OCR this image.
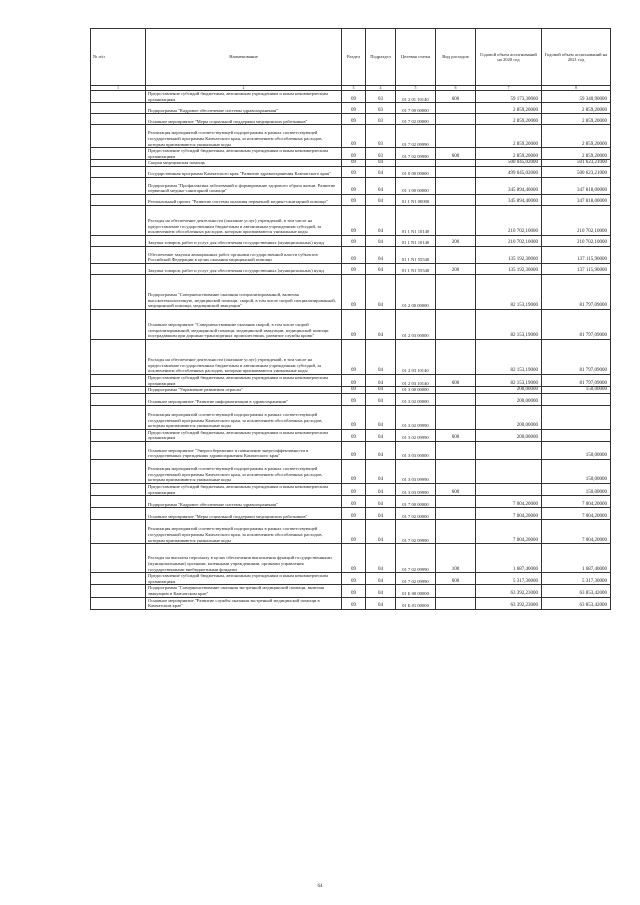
№ п/п	Наименование	Раздел	Подраздел	Целевая статья	Вид расходов	Годовой объем ассигнований на 2020 год	Годовой объем ассигнований на 2021 год
1	2	3	4	5	6	7	8
	Предоставление субсидий бюджетным, автономным учреждениям и иным некоммерческим организациям	09	03	01 2 01 10140	600	59 173,30000	59 340,90000
	Подпрограмма "Кадровое обеспечение системы здравоохранения"	09	03	01 7 00 00000		2 859,20000	2 859,20000
	Основное мероприятие "Меры социальной поддержки медицинских работников"	09	03	01 7 02 00000		2 859,20000	2 859,20000
	Реализация мероприятий соответствующей подпрограммы в рамках соответствующей государственной программы Камчатского края, за исключением обособленных расходов, которым присваиваются уникальные коды	09	03	01 7 02 09990		2 859,20000	2 859,20000
	Предоставление субсидий бюджетным, автономным учреждениям и иным некоммерческим организациям	09	03	01 7 02 09990	600	2 859,20000	2 859,20000
	Скорая медицинская помощь	09	04			500 045,02000	501 623,21000
	Государственная программа Камчатского края "Развитие здравоохранения Камчатского края"	09	04	01 0 00 00000		499 045,02000	500 623,21000
	Подпрограмма "Профилактика заболеваний и формирование здорового образа жизни. Развитие первичной медико-санитарной помощи"	09	04	01 1 00 00000		345 894,40000	347 818,00000
	Региональный проект "Развитие системы оказания первичной медико-санитарной помощи"	09	04	01 1 N1 00000		345 894,40000	347 818,00000
	Расходы на обеспечение деятельности (оказание услуг) учреждений, в том числе на предоставление государственным бюджетным и автономным учреждениям субсидий, за исключением обособленных расходов, которым присваиваются уникальные коды	09	04	01 1 N1 10140		210 702,10000	210 702,10000
	Закупка товаров, работ и услуг для обеспечения государственных (муниципальных) нужд	09	04	01 1 N1 10140	200	210 702,10000	210 702,10000
	Обеспечение закупки авиационных работ органами государственной власти субъектов Российской Федерации в целях оказания медицинской помощи	09	04	01 1 N1 55540		135 192,30000	137 115,90000
	Закупка товаров, работ и услуг для обеспечения государственных (муниципальных) нужд	09	04	01 1 N1 55540	200	135 192,30000	137 115,90000
	Подпрограмма "Совершенствование оказания специализированной, включая высокотехнологичную, медицинской помощи, скорой, в том числе скорой специализированной, медицинской помощи, медицинской эвакуации"	09	04	01 2 00 00000		82 153,19000	81 797,09000
	Основное мероприятие "Совершенствование оказания скорой, в том числе скорой специализированной, медицинской помощи, медицинской эвакуации, медицинской помощи пострадавшим при дорожно-транспортных происшествиях, развитие службы крови"	09	04	01 2 03 00000		82 153,19000	81 797,09000
	Расходы на обеспечение деятельности (оказание услуг) учреждений, в том числе на предоставление государственным бюджетным и автономным учреждениям субсидий, за исключением обособленных расходов, которым присваиваются уникальные коды	09	04	01 2 03 10140		82 153,19000	81 797,09000
	Предоставление субсидий бюджетным, автономным учреждениям и иным некоммерческим организациям	09	04	01 2 03 10140	600	82 153,19000	81 797,09000
	Подпрограмма "Управление развитием отрасли"	09	04	01 3 00 00000		200,00000	150,00000
	Основное мероприятие "Развитие информатизации в здравоохранении"	09	04	01 3 02 00000		200,00000	
	Реализация мероприятий соответствующей подпрограммы в рамках соответствующей государственной программы Камчатского края, за исключением обособленных расходов, которым присваиваются уникальные коды	09	04	01 3 02 09990		200,00000	
	Предоставление субсидий бюджетным, автономным учреждениям и иным некоммерческим организациям	09	04	01 3 02 09990	600	200,00000	
	Основное мероприятие "Энергосбережение и повышение энергоэффективности в государственных учреждениях здравоохранения Камчатского края"	09	04	01 3 03 00000			150,00000
	Реализация мероприятий соответствующей подпрограммы в рамках соответствующей государственной программы Камчатского края, за исключением обособленных расходов, которым присваиваются уникальные коды	09	04	01 3 03 09990			150,00000
	Предоставление субсидий бюджетным, автономным учреждениям и иным некоммерческим организациям	09	04	01 3 03 09990	600		150,00000
	Подпрограмма "Кадровое обеспечение системы здравоохранения"	09	04	01 7 00 00000		7 004,20000	7 004,20000
	Основное мероприятие "Меры социальной поддержки медицинских работников"	09	04	01 7 02 00000		7 004,20000	7 004,20000
	Реализация мероприятий соответствующей подпрограммы в рамках соответствующей государственной программы Камчатского края, за исключением обособленных расходов, которым присваиваются уникальные коды	09	04	01 7 02 09990		7 004,20000	7 004,20000
	Расходы на выплаты персоналу в целях обеспечения выполнения функций государственными (муниципальными) органами, казенными учреждениями, органами управления государственными внебюджетными фондами	09	04	01 7 02 09990	100	1 687,40000	1 687,40000
	Предоставление субсидий бюджетным, автономным учреждениям и иным некоммерческим организациям	09	04	01 7 02 09990	600	5 317,30000	5 317,30000
	Подпрограмма "Совершенствование оказания экстренной медицинской помощи, включая эвакуацию в Камчатском крае"	09	04	01 Б 00 00000		63 392,23000	63 853,42000
	Основное мероприятие "Развитие службы оказания экстренной медицинской помощи в Камчатском крае"	09	04	01 Б 01 00000		63 392,23000	63 853,42000
64
